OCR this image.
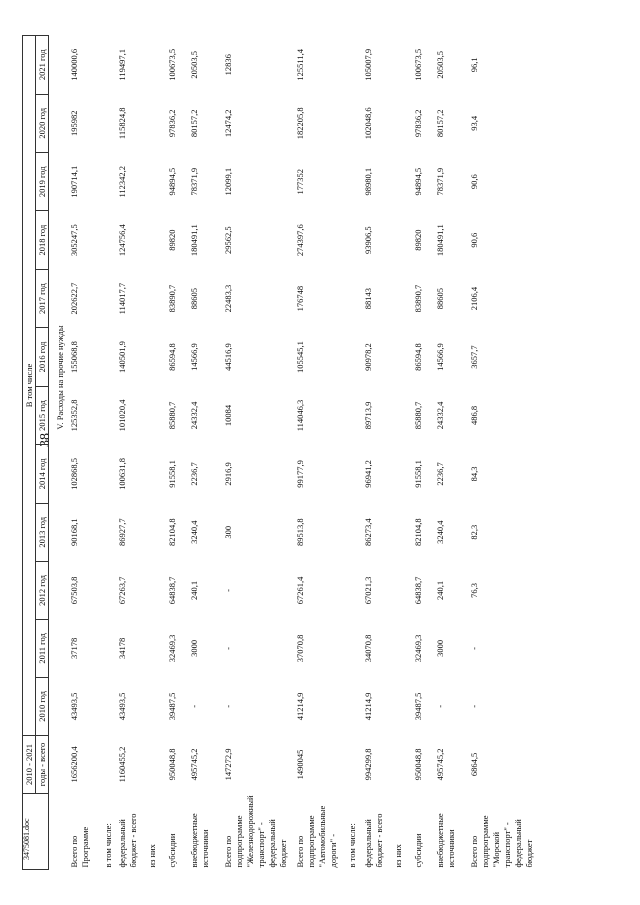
38
3475081.doc
	2010 - 2021	В том числе											
	годы - всего	2010 год	2011 год	2012 год	2013 год	2014 год	2015 год	2016 год	2017 год	2018 год	2019 год	2020 год	2021 год
V. Расходы на прочие нужды													
Всего по Программе	1656200,4	43493,5	37178	67503,8	90168,1	102868,5	125352,8	155068,8	202622,7	305247,5	190714,1	195982	140000,6
в том числе:													
федеральный бюджет - всего	1160455,2	43493,5	34178	67263,7	86927,7	100631,8	101020,4	140501,9	114017,7	124756,4	112342,2	115824,8	119497,1
из них													
субсидии	950048,8	39487,5	32469,3	64838,7	82104,8	91558,1	85880,7	86594,8	83890,7	89820	94894,5	97836,2	100673,5
внебюджетные источники	495745,2	-	3000	240,1	3240,4	2236,7	24332,4	14566,9	88605	180491,1	78371,9	80157,2	20503,5
Всего по подпрограмме "Железнодорожный транспорт" - федеральный бюджет	147272,9	-	-	-	300	2916,9	10084	44516,9	22483,3	29562,5	12099,1	12474,2	12836
Всего по подпрограмме "Автомобильные дороги" -	1490045	41214,9	37070,8	67261,4	89513,8	99177,9	114046,3	105545,1	176748	274397,6	177352	182205,8	125511,4
в том числе:													
федеральный бюджет - всего	994299,8	41214,9	34070,8	67021,3	86273,4	96941,2	89713,9	90978,2	88143	93906,5	98980,1	102048,6	105007,9
из них													
субсидии	950048,8	39487,5	32469,3	64838,7	82104,8	91558,1	85880,7	86594,8	83890,7	89820	94894,5	97836,2	100673,5
внебюджетные источники	495745,2	-	3000	240,1	3240,4	2236,7	24332,4	14566,9	88605	180491,1	78371,9	80157,2	20503,5
Всего по подпрограмме "Морской транспорт" - федеральный бюджет	6864,5	-	-	76,3	82,3	84,3	486,8	3657,7	2106,4	90,6	90,6	93,4	96,1
